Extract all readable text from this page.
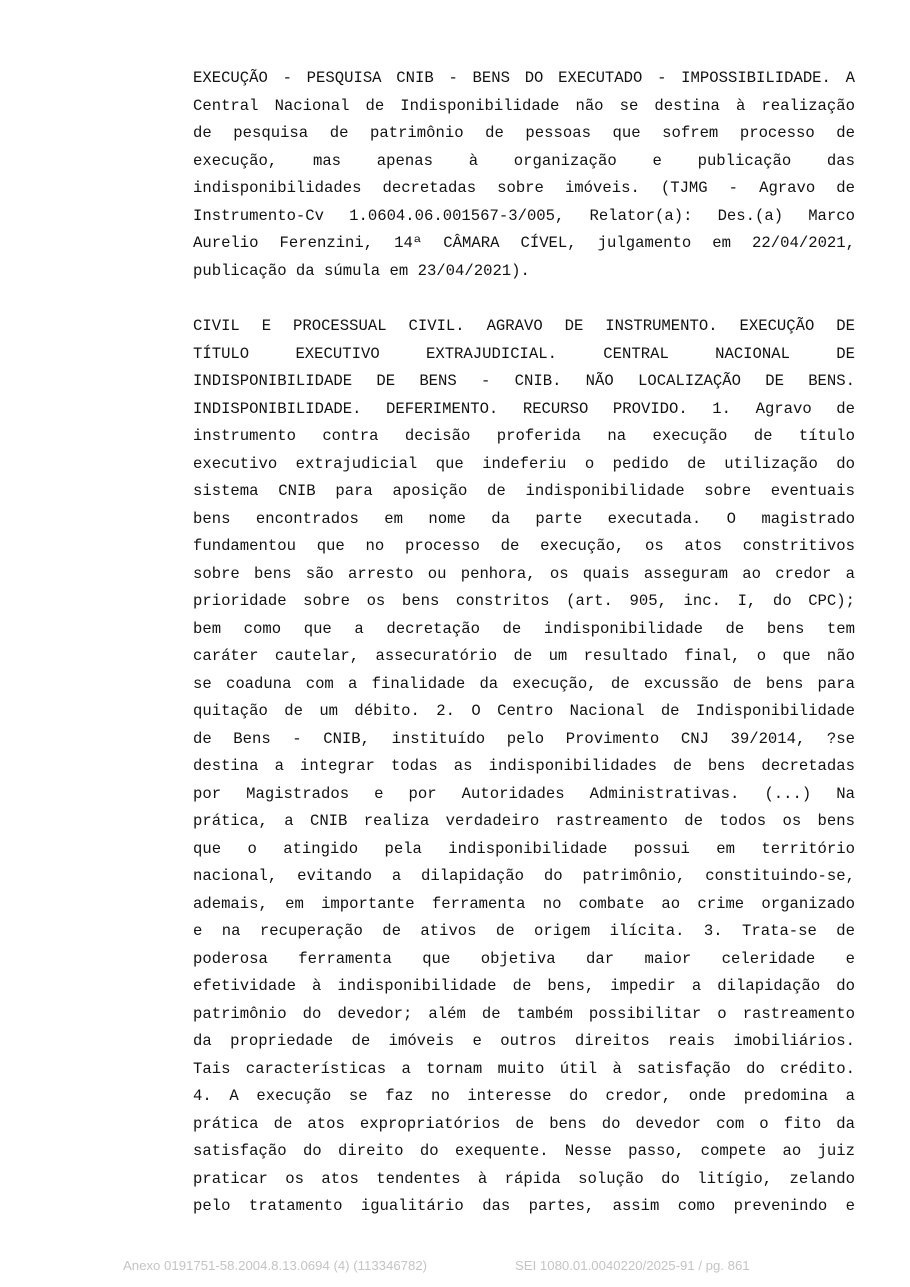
EXECUÇÃO - PESQUISA CNIB - BENS DO EXECUTADO - IMPOSSIBILIDADE. A
Central Nacional de Indisponibilidade não se destina à realização
de pesquisa de patrimônio de pessoas que sofrem processo de
execução, mas apenas à organização e publicação das
indisponibilidades decretadas sobre imóveis. (TJMG - Agravo de
Instrumento-Cv 1.0604.06.001567-3/005, Relator(a): Des.(a) Marco
Aurelio Ferenzini, 14ª CÂMARA CÍVEL, julgamento em 22/04/2021,
publicação da súmula em 23/04/2021).
CIVIL E PROCESSUAL CIVIL. AGRAVO DE INSTRUMENTO. EXECUÇÃO DE
TÍTULO EXECUTIVO EXTRAJUDICIAL. CENTRAL NACIONAL DE
INDISPONIBILIDADE DE BENS - CNIB. NÃO LOCALIZAÇÃO DE BENS.
INDISPONIBILIDADE. DEFERIMENTO. RECURSO PROVIDO. 1. Agravo de
instrumento contra decisão proferida na execução de título
executivo extrajudicial que indeferiu o pedido de utilização do
sistema CNIB para aposição de indisponibilidade sobre eventuais
bens encontrados em nome da parte executada. O magistrado
fundamentou que no processo de execução, os atos constritivos
sobre bens são arresto ou penhora, os quais asseguram ao credor a
prioridade sobre os bens constritos (art. 905, inc. I, do CPC);
bem como que a decretação de indisponibilidade de bens tem
caráter cautelar, assecuratório de um resultado final, o que não
se coaduna com a finalidade da execução, de excussão de bens para
quitação de um débito. 2. O Centro Nacional de Indisponibilidade
de Bens - CNIB, instituído pelo Provimento CNJ 39/2014, ?se
destina a integrar todas as indisponibilidades de bens decretadas
por Magistrados e por Autoridades Administrativas. (...) Na
prática, a CNIB realiza verdadeiro rastreamento de todos os bens
que o atingido pela indisponibilidade possui em território
nacional, evitando a dilapidação do patrimônio, constituindo-se,
ademais, em importante ferramenta no combate ao crime organizado
e na recuperação de ativos de origem ilícita. 3. Trata-se de
poderosa ferramenta que objetiva dar maior celeridade e
efetividade à indisponibilidade de bens, impedir a dilapidação do
patrimônio do devedor; além de também possibilitar o rastreamento
da propriedade de imóveis e outros direitos reais imobiliários.
Tais características a tornam muito útil à satisfação do crédito.
4. A execução se faz no interesse do credor, onde predomina a
prática de atos expropriatórios de bens do devedor com o fito da
satisfação do direito do exequente. Nesse passo, compete ao juiz
praticar os atos tendentes à rápida solução do litígio, zelando
pelo tratamento igualitário das partes, assim como prevenindo e
Anexo 0191751-58.2004.8.13.0694 (4) (113346782)	SEI 1080.01.0040220/2025-91 / pg. 861
